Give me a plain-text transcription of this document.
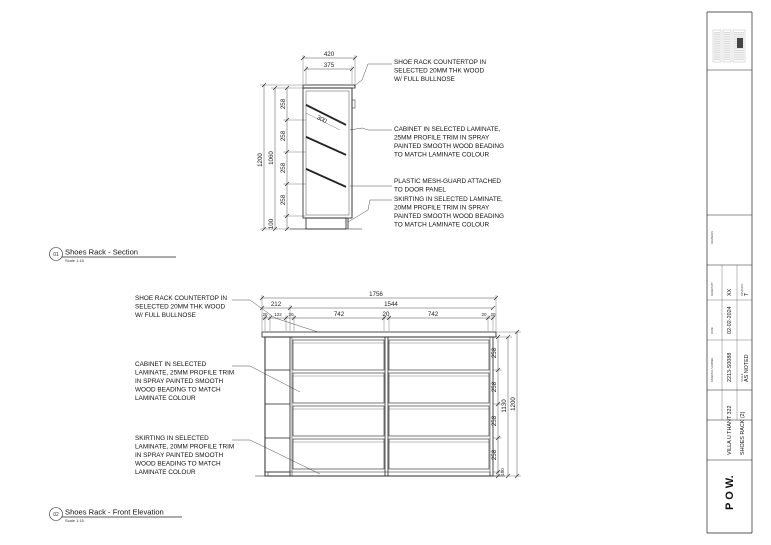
420
375
1200 1060
258
258
258
258
100
300
SHOE RACK COUNTERTOP IN SELECTED 20MM THK WOOD W/ FULL BULLNOSE
CABINET IN SELECTED LAMINATE, 25MM PROFILE TRIM IN SPRAY PAINTED SMOOTH WOOD BEADING TO MATCH LAMINATE COLOUR
PLASTIC MESH-GUARD ATTACHED TO DOOR PANEL
SKIRTING IN SELECTED LAMINATE, 20MM PROFILE TRIM IN SPRAY PAINTED SMOOTH WOOD BEADING TO MATCH LAMINATE COLOUR
01 Shoes Rack - Section
Scale 1:15
1756
212	1544
20 122 20	742	20	742	20 20
258
258
258
258
100
1130 1200
SHOE RACK COUNTERTOP IN SELECTED 20MM THK WOOD W/ FULL BULLNOSE
CABINET IN SELECTED LAMINATE, 25MM PROFILE TRIM IN SPRAY PAINTED SMOOTH WOOD BEADING TO MATCH LAMINATE COLOUR
SKIRTING IN SELECTED LAMINATE, 20MM PROFILE TRIM IN SPRAY PAINTED SMOOTH WOOD BEADING TO MATCH LAMINATE COLOUR
02 Shoes Rack - Front Elevation
Scale 1:15
REMARKS
DRAWN BY XX
DATE 02-02-2024
REVISION T
DRAWING NUMBER 2213-S0088	SCALE AS NOTED
VILLA U THANT 322 SHOES RACK (2)
P O W.
